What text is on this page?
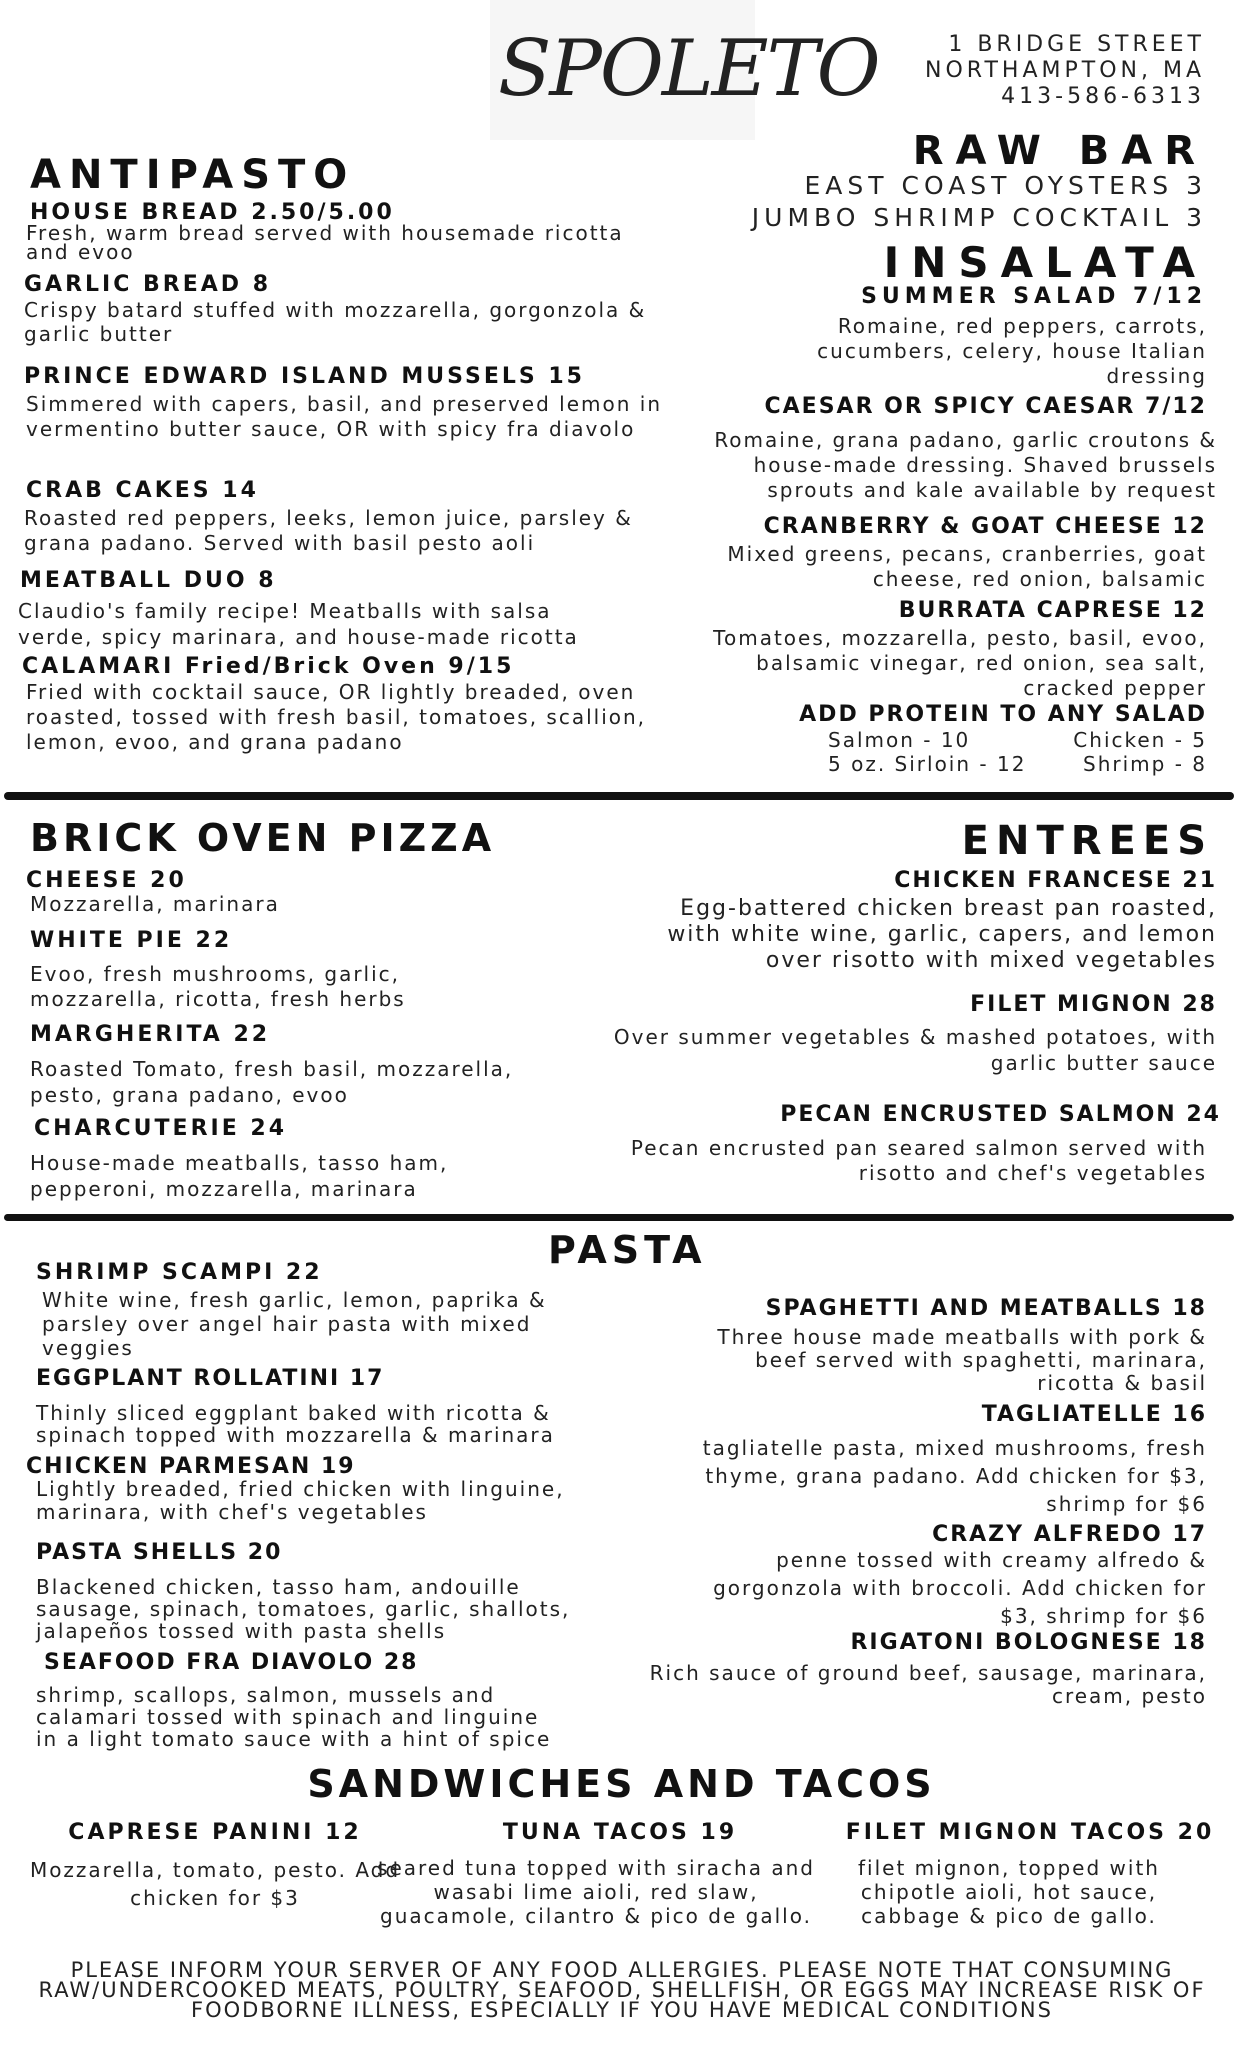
SPOLETO	1 BRIDGE STREET
NORTHAMPTON, MA
413-586-6313
ANTIPASTO
HOUSE BREAD 2.50/5.00
Fresh, warm bread served with housemade ricotta and evoo
GARLIC BREAD 8
Crispy batard stuffed with mozzarella, gorgonzola & garlic butter
PRINCE EDWARD ISLAND MUSSELS 15
Simmered with capers, basil, and preserved lemon in vermentino butter sauce, OR with spicy fra diavolo
CRAB CAKES 14
Roasted red peppers, leeks, lemon juice, parsley & grana padano. Served with basil pesto aoli
MEATBALL DUO 8
Claudio's family recipe! Meatballs with salsa verde, spicy marinara, and house-made ricotta
CALAMARI Fried/Brick Oven 9/15
Fried with cocktail sauce, OR lightly breaded, oven roasted, tossed with fresh basil, tomatoes, scallion, lemon, evoo, and grana padano
RAW BAR
EAST COAST OYSTERS 3
JUMBO SHRIMP COCKTAIL 3
INSALATA
SUMMER SALAD 7/12
Romaine, red peppers, carrots, cucumbers, celery, house Italian dressing
CAESAR OR SPICY CAESAR 7/12
Romaine, grana padano, garlic croutons & house-made dressing. Shaved brussels sprouts and kale available by request
CRANBERRY & GOAT CHEESE 12
Mixed greens, pecans, cranberries, goat cheese, red onion, balsamic
BURRATA CAPRESE 12
Tomatoes, mozzarella, pesto, basil, evoo, balsamic vinegar, red onion, sea salt, cracked pepper
ADD PROTEIN TO ANY SALAD
Salmon - 10	Chicken - 5
5 oz. Sirloin - 12	Shrimp - 8
BRICK OVEN PIZZA
CHEESE 20
Mozzarella, marinara
WHITE PIE 22
Evoo, fresh mushrooms, garlic, mozzarella, ricotta, fresh herbs
MARGHERITA 22
Roasted Tomato, fresh basil, mozzarella, pesto, grana padano, evoo
CHARCUTERIE 24
House-made meatballs, tasso ham, pepperoni, mozzarella, marinara
ENTREES
CHICKEN FRANCESE 21
Egg-battered chicken breast pan roasted, with white wine, garlic, capers, and lemon over risotto with mixed vegetables
FILET MIGNON 28
Over summer vegetables & mashed potatoes, with garlic butter sauce
PECAN ENCRUSTED SALMON 24
Pecan encrusted pan seared salmon served with risotto and chef's vegetables
PASTA
SHRIMP SCAMPI 22
White wine, fresh garlic, lemon, paprika & parsley over angel hair pasta with mixed veggies
EGGPLANT ROLLATINI 17
Thinly sliced eggplant baked with ricotta & spinach topped with mozzarella & marinara
CHICKEN PARMESAN 19
Lightly breaded, fried chicken with linguine, marinara, with chef's vegetables
PASTA SHELLS 20
Blackened chicken, tasso ham, andouille sausage, spinach, tomatoes, garlic, shallots, jalapeños tossed with pasta shells
SEAFOOD FRA DIAVOLO 28
shrimp, scallops, salmon, mussels and calamari tossed with spinach and linguine in a light tomato sauce with a hint of spice
SPAGHETTI AND MEATBALLS 18
Three house made meatballs with pork & beef served with spaghetti, marinara, ricotta & basil
TAGLIATELLE 16
tagliatelle pasta, mixed mushrooms, fresh thyme, grana padano. Add chicken for $3, shrimp for $6
CRAZY ALFREDO 17
penne tossed with creamy alfredo & gorgonzola with broccoli. Add chicken for $3, shrimp for $6
RIGATONI BOLOGNESE 18
Rich sauce of ground beef, sausage, marinara, cream, pesto
SANDWICHES AND TACOS
CAPRESE PANINI 12
Mozzarella, tomato, pesto. Add chicken for $3
TUNA TACOS 19
seared tuna topped with siracha and wasabi lime aioli, red slaw, guacamole, cilantro & pico de gallo.
FILET MIGNON TACOS 20
filet mignon, topped with chipotle aioli, hot sauce, cabbage & pico de gallo.
PLEASE INFORM YOUR SERVER OF ANY FOOD ALLERGIES. PLEASE NOTE THAT CONSUMING RAW/UNDERCOOKED MEATS, POULTRY, SEAFOOD, SHELLFISH, OR EGGS MAY INCREASE RISK OF FOODBORNE ILLNESS, ESPECIALLY IF YOU HAVE MEDICAL CONDITIONS
